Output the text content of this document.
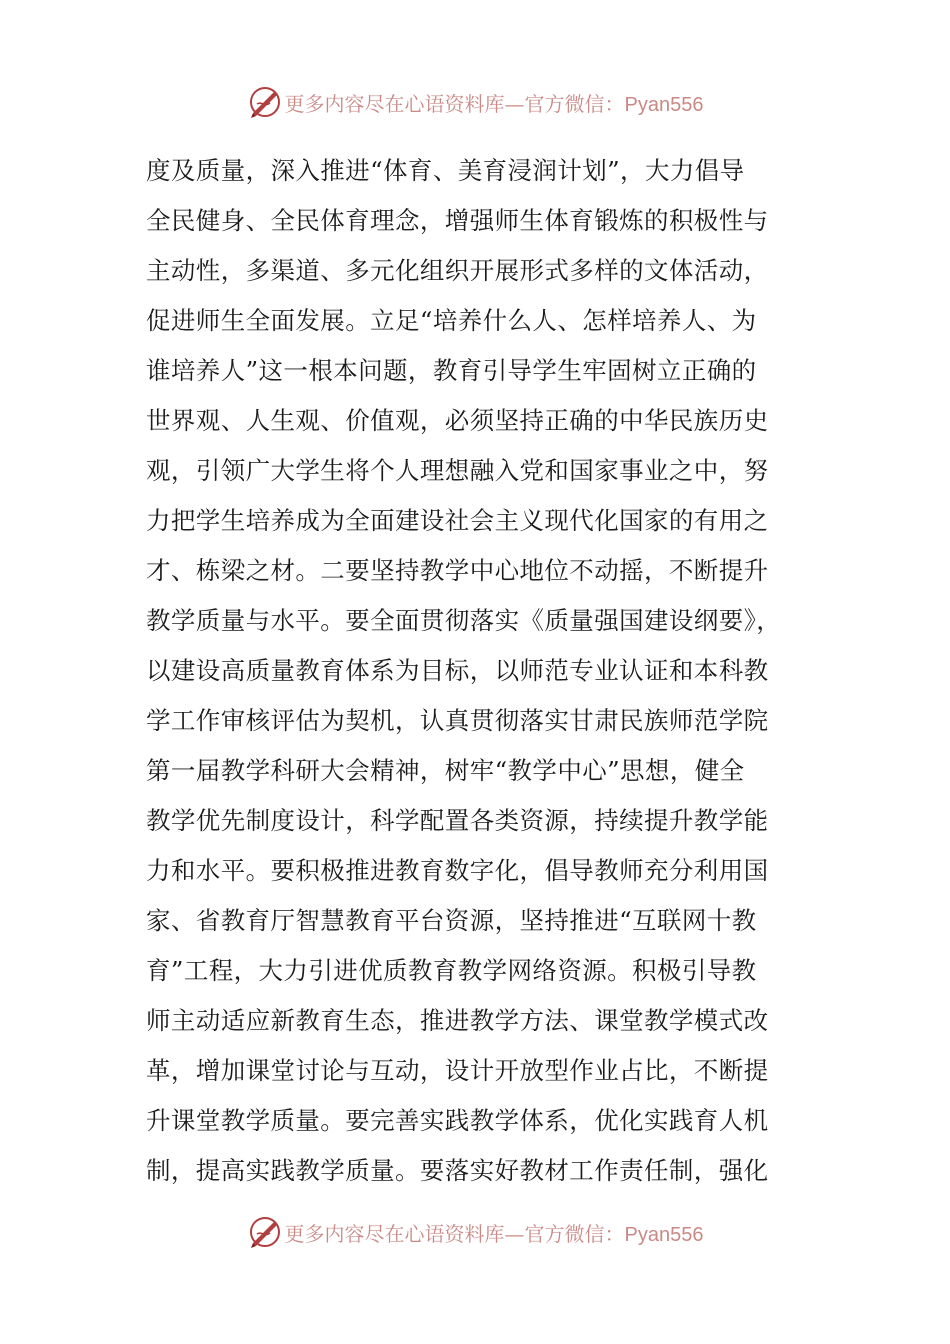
更多内容尽在心语资料库—官方微信：Pyan556
度及质量，深入推进“体育、美育浸润计划”，大力倡导
全民健身、全民体育理念，增强师生体育锻炼的积极性与
主动性，多渠道、多元化组织开展形式多样的文体活动，
促进师生全面发展。立足“培养什么人、怎样培养人、为
谁培养人”这一根本问题，教育引导学生牢固树立正确的
世界观、人生观、价值观，必须坚持正确的中华民族历史
观，引领广大学生将个人理想融入党和国家事业之中，努
力把学生培养成为全面建设社会主义现代化国家的有用之
才、栋梁之材。二要坚持教学中心地位不动摇，不断提升
教学质量与水平。要全面贯彻落实《质量强国建设纲要》，
以建设高质量教育体系为目标，以师范专业认证和本科教
学工作审核评估为契机，认真贯彻落实甘肃民族师范学院
第一届教学科研大会精神，树牢“教学中心”思想，健全
教学优先制度设计，科学配置各类资源，持续提升教学能
力和水平。要积极推进教育数字化，倡导教师充分利用国
家、省教育厅智慧教育平台资源，坚持推进“互联网十教
育”工程，大力引进优质教育教学网络资源。积极引导教
师主动适应新教育生态，推进教学方法、课堂教学模式改
革，增加课堂讨论与互动，设计开放型作业占比，不断提
升课堂教学质量。要完善实践教学体系，优化实践育人机
制，提高实践教学质量。要落实好教材工作责任制，强化
更多内容尽在心语资料库—官方微信：Pyan556
